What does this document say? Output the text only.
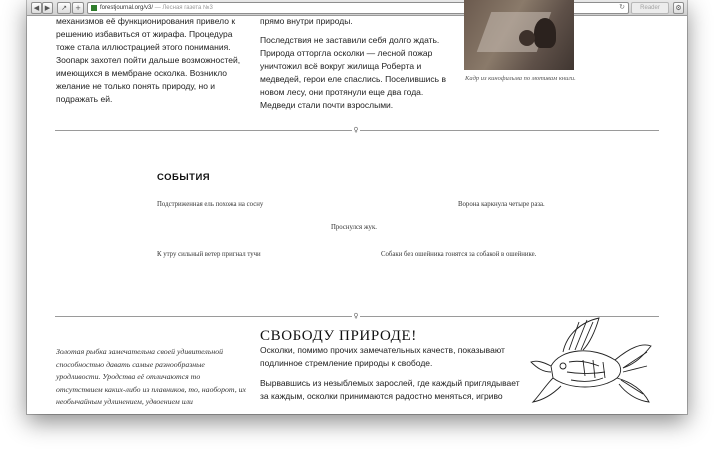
◀ ▶	↗	+	forestjournal.org/v3/ — Лесная газета №3	↻	Reader	⚙

механизмов её функционирования привело к решению избавиться от жирафа. Процедура тоже стала иллюстрацией этого понимания. Зоопарк захотел пойти дальше возможностей, имеющихся в мембране осколка. Возникло желание не только понять природу, но и подражать ей.

прямо внутри природы.

Последствия не заставили себя долго ждать. Природа отторгла осколки — лесной пожар уничтожил всё вокруг жилища Роберта и медведей, герои еле спаслись. Поселившись в новом лесу, они протянули еще два года. Медведи стали почти взрослыми.

Кадр из кинофильма по мотивам книги.
♀
СОБЫТИЯ
Подстриженная ель похожа на сосну	Ворона каркнула четыре раза.
Проснулся жук.
К утру сильный ветер пригнал тучи	Собаки без ошейника гонятся за собакой в ошейнике.
♀
Золотая рыбка замечательна своей удивительной способностью давать самые разнообразные уродливости. Уродства её отличаются то отсутствием каких-либо из плавников, то, наоборот, их необычайным удлинением, удвоением или
СВОБОДУ ПРИРОДЕ!

Осколки, помимо прочих замечательных качеств, показывают подлинное стремление природы к свободе.

Вырвавшись из незыблемых зарослей, где каждый приглядывает за каждым, осколки принимаются радостно меняться, игриво
